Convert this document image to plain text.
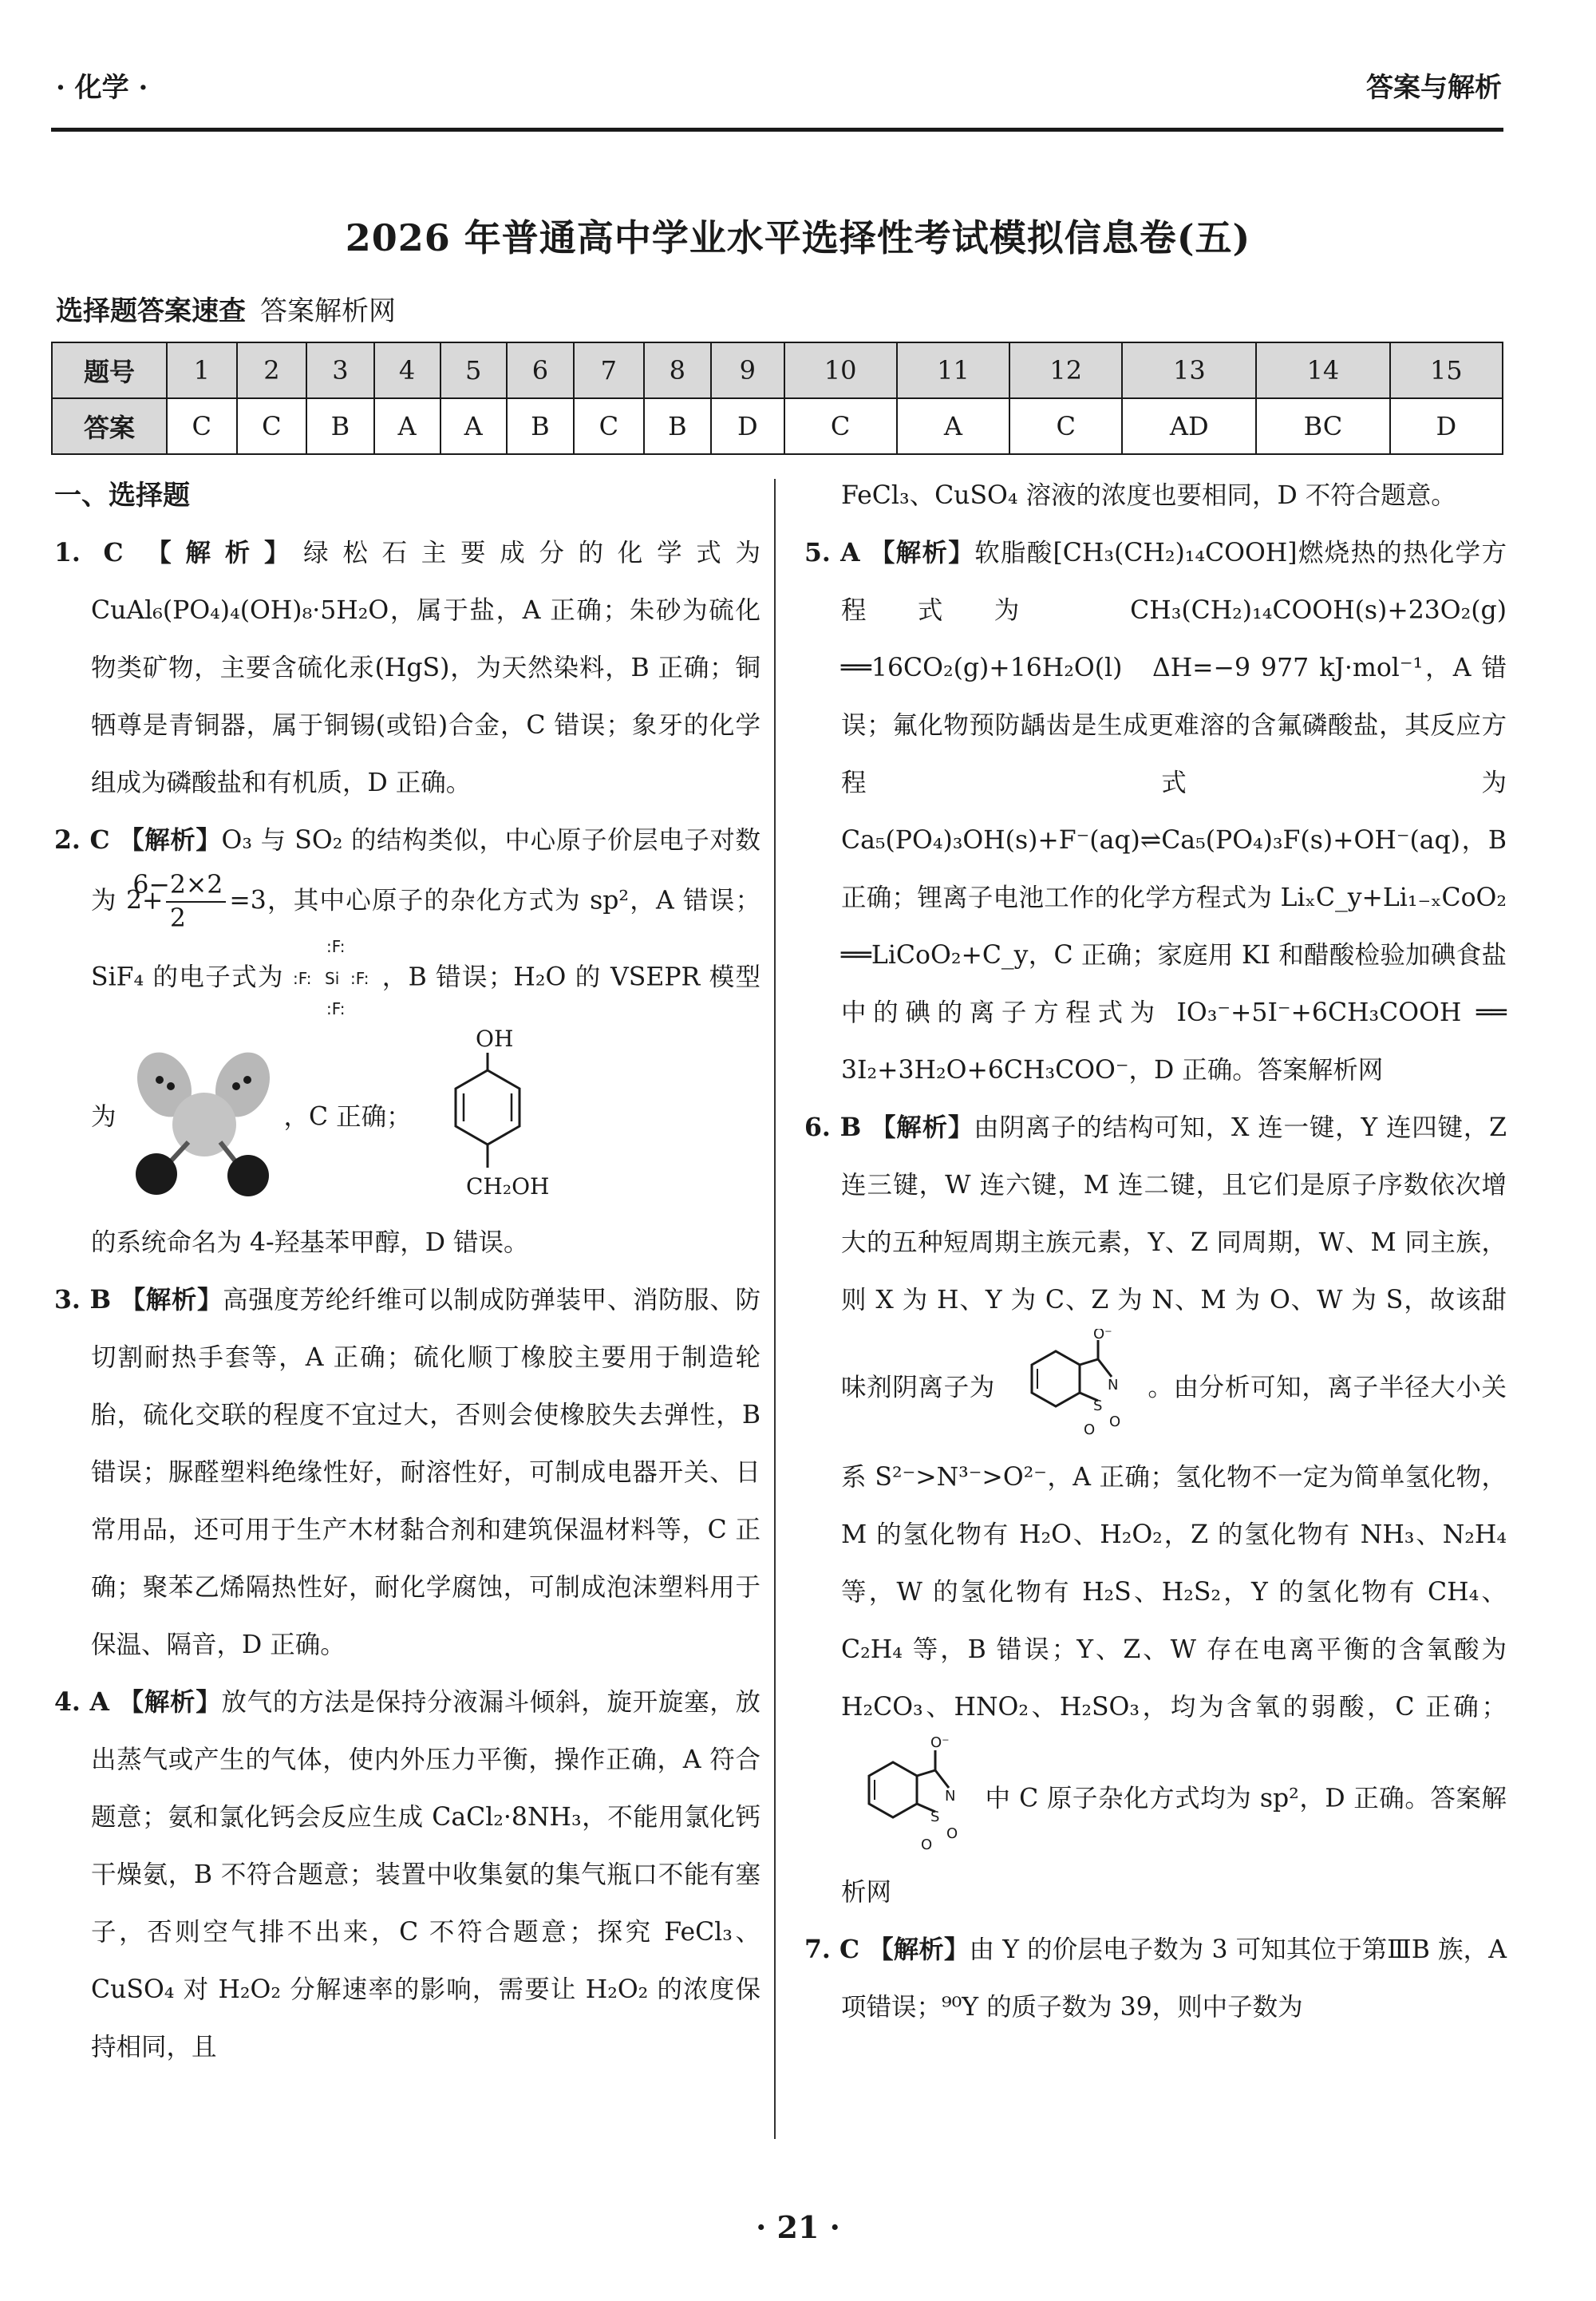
· 化学 ·	答案与解析
2026 年普通高中学业水平选择性考试模拟信息卷(五)
选择题答案速查 答案解析网
题号	1	2	3	4	5	6	7	8	9	10	11	12	13	14	15
答案	C	C	B	A	A	B	C	B	D	C	A	C	AD	BC	D
一、选择题

1. C 【解析】绿松石主要成分的化学式为 CuAl₆(PO₄)₄(OH)₈·5H₂O，属于盐，A 正确；朱砂为硫化物类矿物，主要含硫化汞(HgS)，为天然染料，B 正确；铜牺尊是青铜器，属于铜锡(或铅)合金，C 错误；象牙的化学组成为磷酸盐和有机质，D 正确。

2. C 【解析】O₃ 与 SO₂ 的结构类似，中心原子价层电子对数为 $2+ \frac{6-2\times 2}{2} =3$，其中心原子的杂化方式为 sp²，A 错误；SiF₄ 的电子式为
:F:
:F: Si :F:
:F:
，B 错误；H₂O 的 VSEPR 模型为	，C 正确；
OH
CH₂OH

的系统命名为 4-羟基苯甲醇，D 错误。

3. B 【解析】高强度芳纶纤维可以制成防弹装甲、消防服、防切割耐热手套等，A 正确；硫化顺丁橡胶主要用于制造轮胎，硫化交联的程度不宜过大，否则会使橡胶失去弹性，B 错误；脲醛塑料绝缘性好，耐溶性好，可制成电器开关、日常用品，还可用于生产木材黏合剂和建筑保温材料等，C 正确；聚苯乙烯隔热性好，耐化学腐蚀，可制成泡沫塑料用于保温、隔音，D 正确。

4. A 【解析】放气的方法是保持分液漏斗倾斜，旋开旋塞，放出蒸气或产生的气体，使内外压力平衡，操作正确，A 符合题意；氨和氯化钙会反应生成 CaCl₂·8NH₃，不能用氯化钙干燥氨，B 不符合题意；装置中收集氨的集气瓶口不能有塞子，否则空气排不出来，C 不符合题意；探究 FeCl₃、CuSO₄ 对 H₂O₂ 分解速率的影响，需要让 H₂O₂ 的浓度保持相同，且

FeCl₃、CuSO₄ 溶液的浓度也要相同，D 不符合题意。

5. A 【解析】软脂酸[CH₃(CH₂)₁₄COOH]燃烧热的热化学方程式为 CH₃(CH₂)₁₄COOH(s)+23O₂(g) ══16CO₂(g)+16H₂O(l)　ΔH=−9 977 kJ·mol⁻¹，A 错误；氟化物预防龋齿是生成更难溶的含氟磷酸盐，其反应方程式为 Ca₅(PO₄)₃OH(s)+F⁻(aq)⇌Ca₅(PO₄)₃F(s)+OH⁻(aq)，B 正确；锂离子电池工作的化学方程式为 LiₓC_y+Li₁₋ₓCoO₂ ══LiCoO₂+C_y，C 正确；家庭用 KI 和醋酸检验加碘食盐中的碘的离子方程式为 IO₃⁻+5I⁻+6CH₃COOH ══ 3I₂+3H₂O+6CH₃COO⁻，D 正确。答案解析网

6. B 【解析】由阴离子的结构可知，X 连一键，Y 连四键，Z 连三键，W 连六键，M 连二键，且它们是原子序数依次增大的五种短周期主族元素，Y、Z 同周期，W、M 同主族，则 X 为 H、Y 为 C、Z 为 N、M 为 O、W 为 S，故该甜味剂阴离子为
O⁻
N
S
O O
。由分析可知，离子半径大小关系 S²⁻>N³⁻>O²⁻，A 正确；氢化物不一定为简单氢化物，M 的氢化物有 H₂O、H₂O₂，Z 的氢化物有 NH₃、N₂H₄ 等，W 的氢化物有 H₂S、H₂S₂，Y 的氢化物有 CH₄、C₂H₄ 等，B 错误；Y、Z、W 存在电离平衡的含氧酸为 H₂CO₃、HNO₂、H₂SO₃，均为含氧的弱酸，C 正确；
O⁻
N
S
O
O
中 C 原子杂化方式均为 sp²，D 正确。答案解析网

7. C 【解析】由 Y 的价层电子数为 3 可知其位于第ⅢB 族，A 项错误；⁹⁰Y 的质子数为 39，则中子数为

· 21 ·
